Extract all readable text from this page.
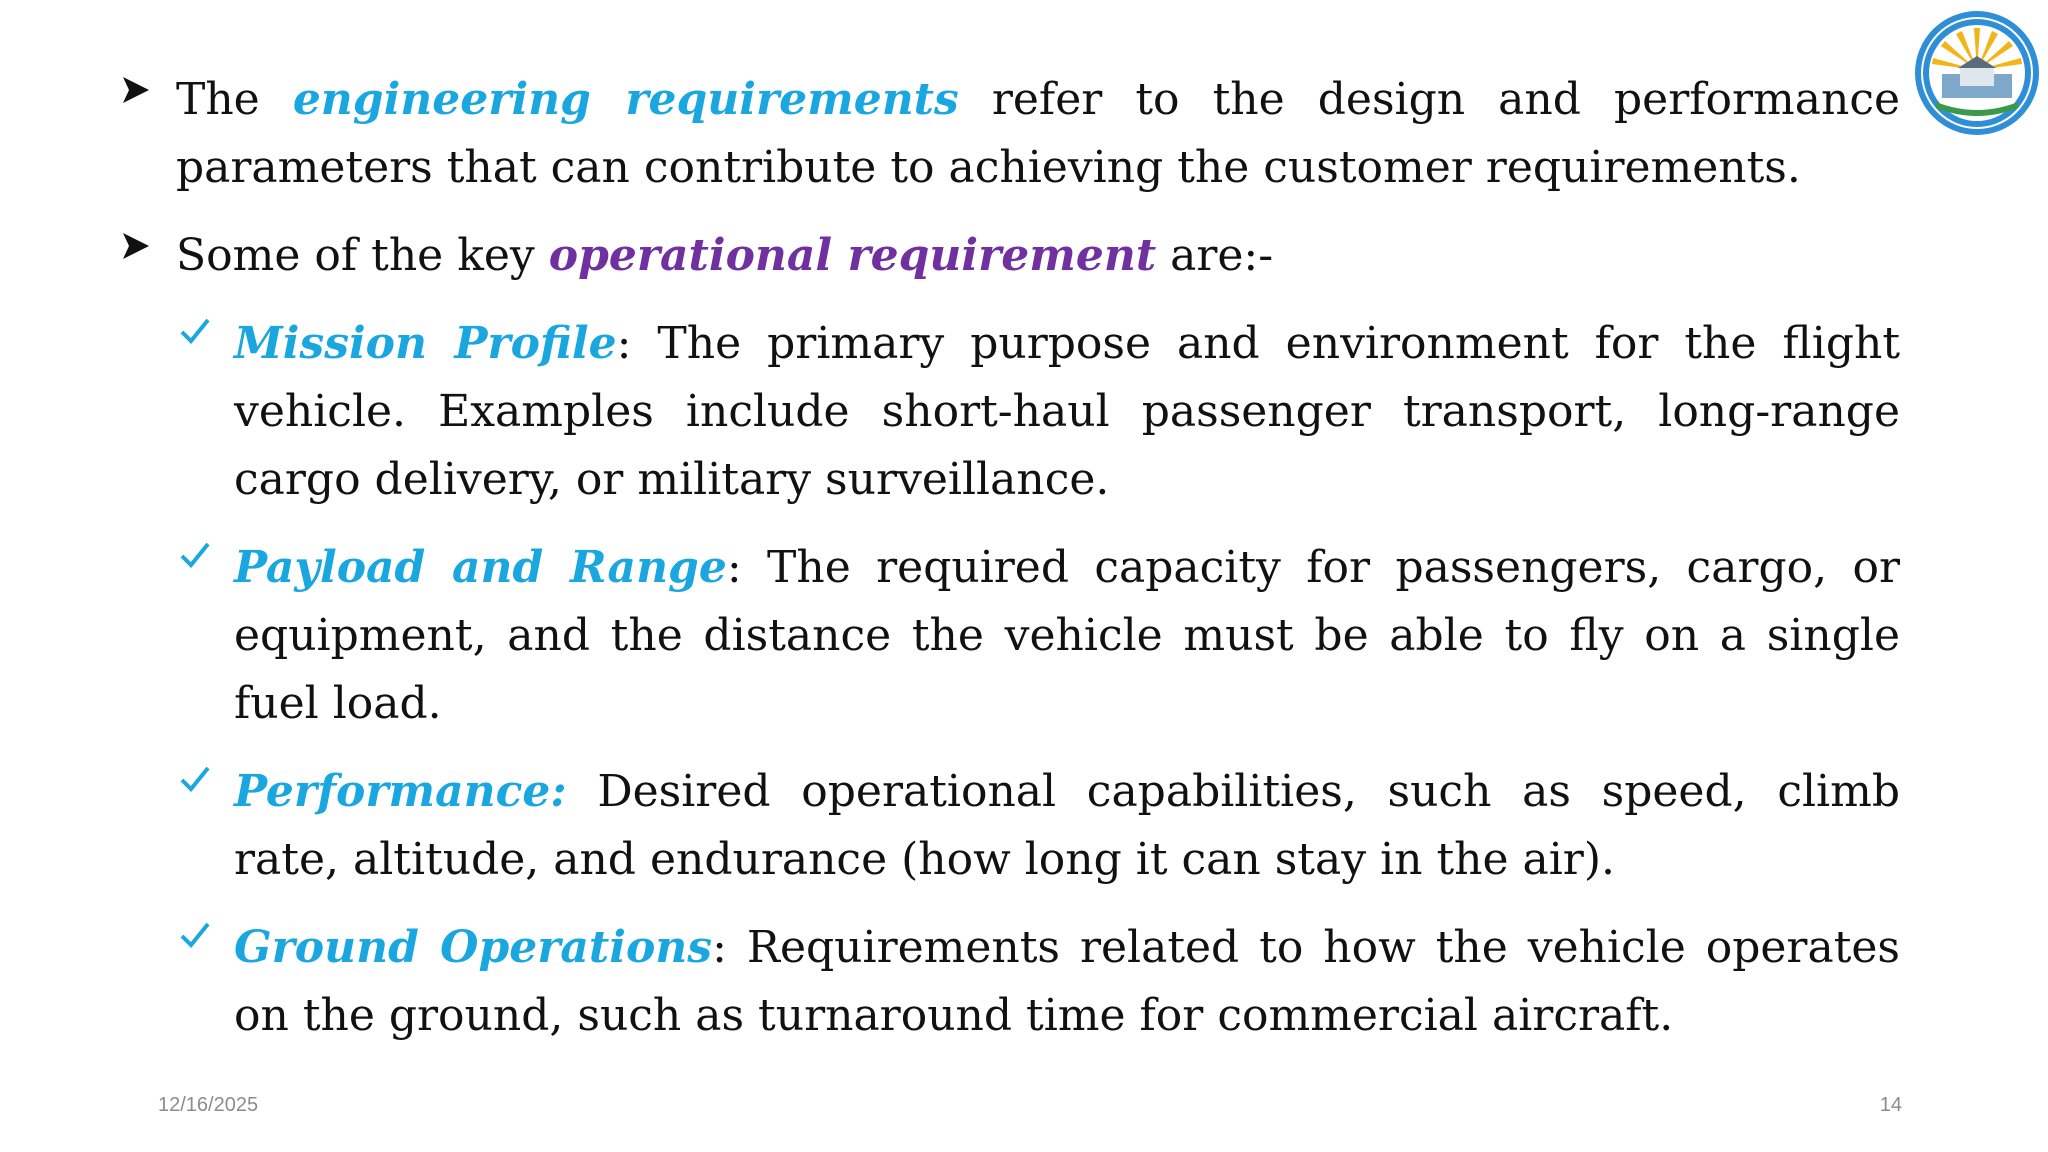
The engineering requirements refer to the design and performance parameters that can contribute to achieving the customer requirements.
Some of the key operational requirement are:-
Mission Profile: The primary purpose and environment for the flight vehicle. Examples include short-haul passenger transport, long-range cargo delivery, or military surveillance.
Payload and Range: The required capacity for passengers, cargo, or equipment, and the distance the vehicle must be able to fly on a single fuel load.
Performance: Desired operational capabilities, such as speed, climb rate, altitude, and endurance (how long it can stay in the air).
Ground Operations: Requirements related to how the vehicle operates on the ground, such as turnaround time for commercial aircraft.
12/16/2025	14
